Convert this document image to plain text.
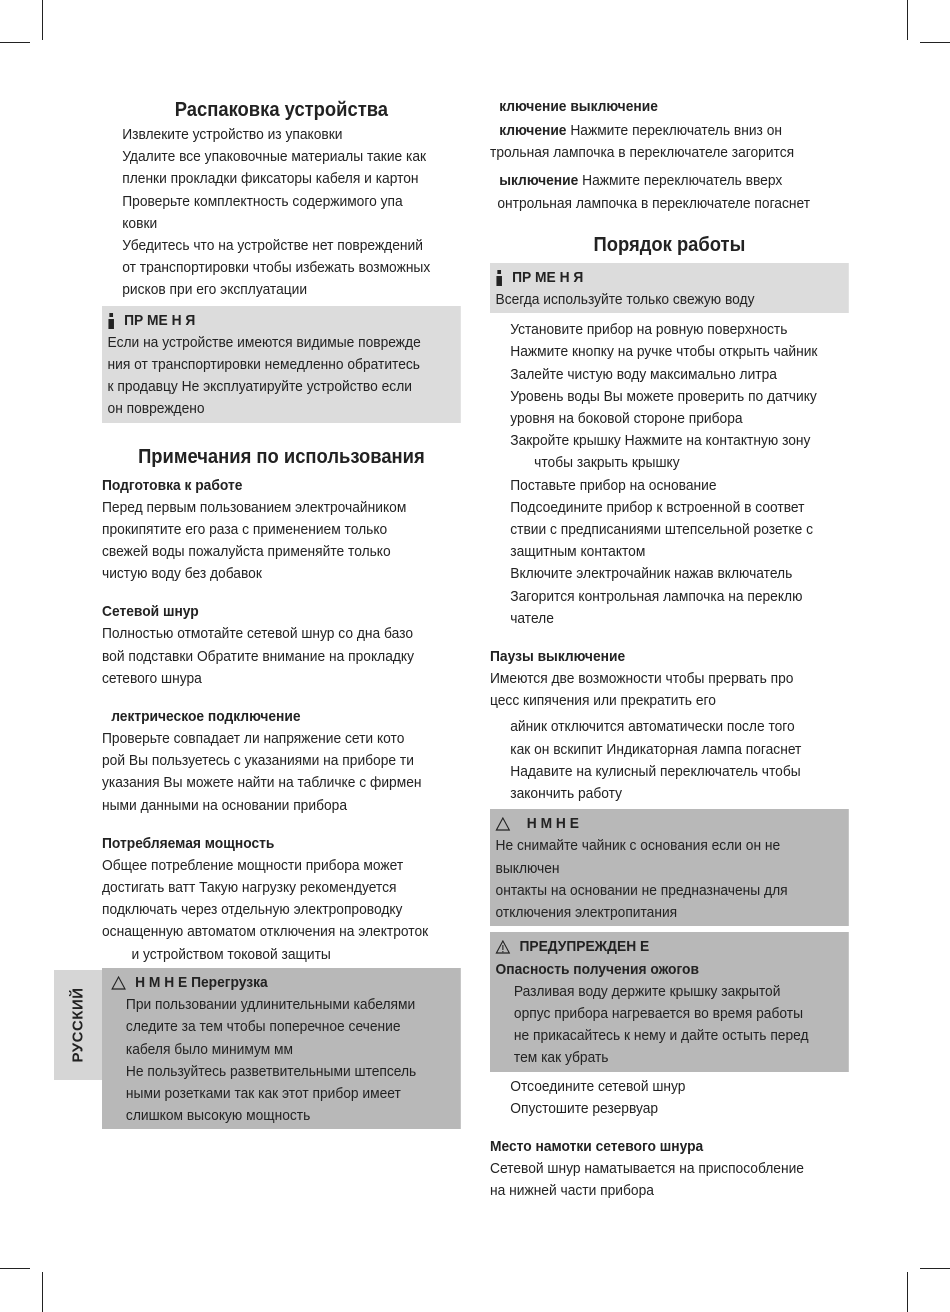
РУССКИЙ
Распаковка устройства

Извлеките устройство из упаковки

Удалите все упаковочные материалы такие как

пленки прокладки фиксаторы кабеля и картон

Проверьте комплектность содержимого упа

ковки

Убедитесь что на устройстве нет повреждений

от транспортировки чтобы избежать возможных

рисков при его эксплуатации

ПР МЕ Н Я

Если на устройстве имеются видимые поврежде

ния от транспортировки немедленно обратитесь

к продавцу Не эксплуатируйте устройство если

он повреждено

Примечания по использования
Подготовка к работе

Перед первым пользованием электрочайником

прокипятите его раза с применением только

свежей воды пожалуйста применяйте только

чистую воду без добавок

Сетевой шнур

Полностью отмотайте сетевой шнур со дна базо

вой подставки Обратите внимание на прокладку

сетевого шнура

лектрическое подключение

Проверьте совпадает ли напряжение сети кото

рой Вы пользуетесь с указаниями на приборе ти

указания Вы можете найти на табличке с фирмен

ными данными на основании прибора

Потребляемая мощность

Общее потребление мощности прибора может

достигать ватт Такую нагрузку рекомендуется

подключать через отдельную электропроводку

оснащенную автоматом отключения на электроток

и устройством токовой защиты

Н М Н Е Перегрузка

При пользовании удлинительными кабелями

следите за тем чтобы поперечное сечение

кабеля было минимум мм

Не пользуйтесь разветвительными штепсель

ными розетками так как этот прибор имеет

слишком высокую мощность

ключение выключение

ключение Нажмите переключатель вниз он

трольная лампочка в переключателе загорится

ыключение Нажмите переключатель вверх

онтрольная лампочка в переключателе погаснет

Порядок работы
ПР МЕ Н Я

Всегда используйте только свежую воду

Установите прибор на ровную поверхность

Нажмите кнопку на ручке чтобы открыть чайник

Залейте чистую воду максимально литра

Уровень воды Вы можете проверить по датчику

уровня на боковой стороне прибора

Закройте крышку Нажмите на контактную зону

чтобы закрыть крышку

Поставьте прибор на основание

Подсоедините прибор к встроенной в соответ

ствии с предписаниями штепсельной розетке с

защитным контактом

Включите электрочайник нажав включатель

Загорится контрольная лампочка на переклю

чателе

Паузы выключение

Имеются две возможности чтобы прервать про

цесс кипячения или прекратить его

айник отключится автоматически после того

как он вскипит Индикаторная лампа погаснет

Надавите на кулисный переключатель чтобы

закончить работу

Н М Н Е

Не снимайте чайник с основания если он не

выключен

онтакты на основании не предназначены для

отключения электропитания

ПРЕДУПРЕЖДЕН Е

Опасность получения ожогов

Разливая воду держите крышку закрытой

орпус прибора нагревается во время работы

не прикасайтесь к нему и дайте остыть перед

тем как убрать

Отсоедините сетевой шнур

Опустошите резервуар

Место намотки сетевого шнура

Сетевой шнур наматывается на приспособление

на нижней части прибора
